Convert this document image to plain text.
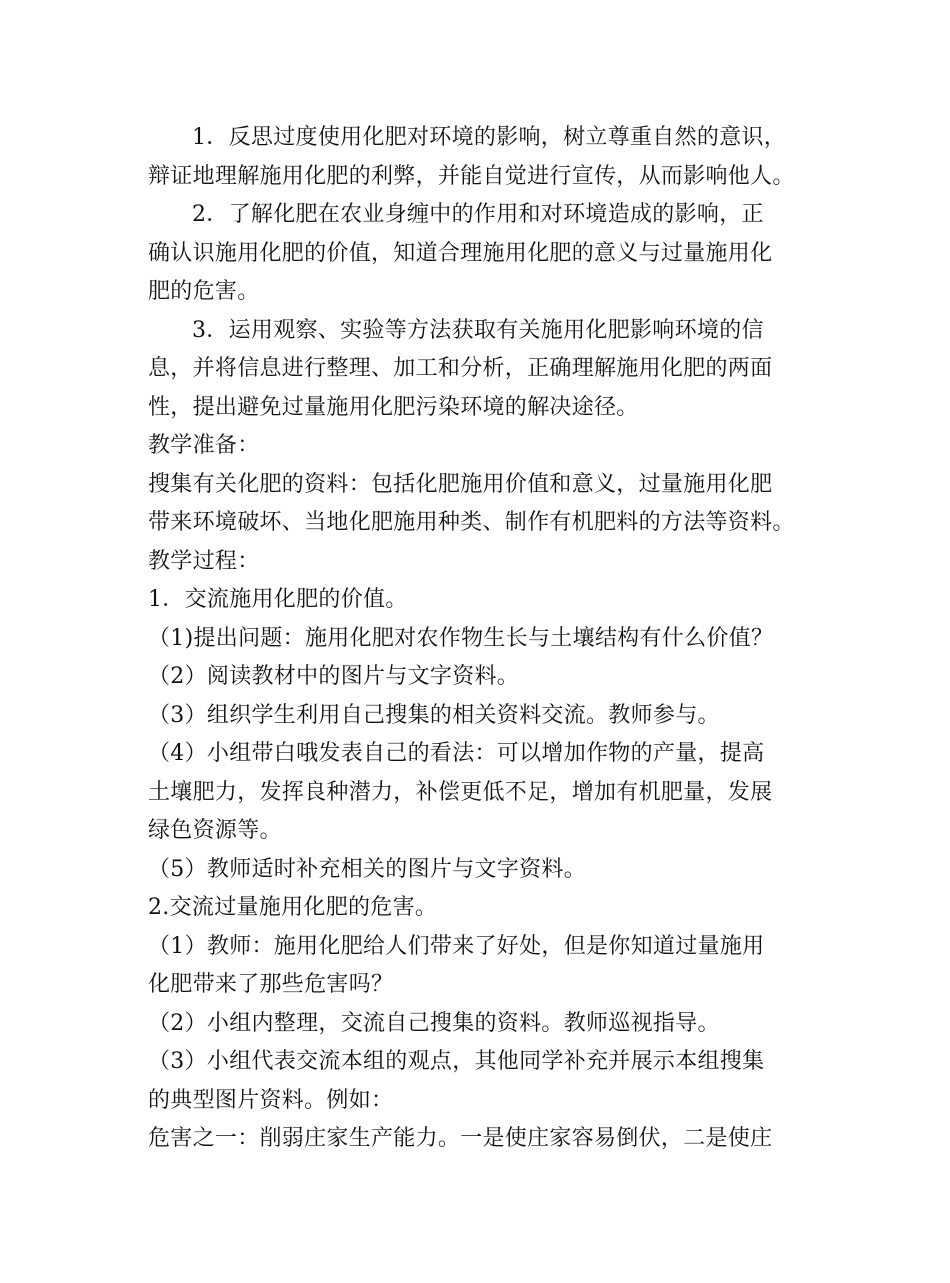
1．反思过度使用化肥对环境的影响，树立尊重自然的意识，

辩证地理解施用化肥的利弊，并能自觉进行宣传，从而影响他人。

2．了解化肥在农业身缠中的作用和对环境造成的影响，正

确认识施用化肥的价值，知道合理施用化肥的意义与过量施用化

肥的危害。

3．运用观察、实验等方法获取有关施用化肥影响环境的信

息，并将信息进行整理、加工和分析，正确理解施用化肥的两面

性，提出避免过量施用化肥污染环境的解决途径。

教学准备：

搜集有关化肥的资料：包括化肥施用价值和意义，过量施用化肥

带来环境破坏、当地化肥施用种类、制作有机肥料的方法等资料。

教学过程：

1．交流施用化肥的价值。

（1)提出问题：施用化肥对农作物生长与土壤结构有什么价值？

（2）阅读教材中的图片与文字资料。

（3）组织学生利用自己搜集的相关资料交流。教师参与。

（4）小组带白哦发表自己的看法：可以增加作物的产量，提高

土壤肥力，发挥良种潜力，补偿更低不足，增加有机肥量，发展

绿色资源等。

（5）教师适时补充相关的图片与文字资料。

2.交流过量施用化肥的危害。

（1）教师：施用化肥给人们带来了好处，但是你知道过量施用

化肥带来了那些危害吗？

（2）小组内整理，交流自己搜集的资料。教师巡视指导。

（3）小组代表交流本组的观点，其他同学补充并展示本组搜集

的典型图片资料。例如：

危害之一：削弱庄家生产能力。一是使庄家容易倒伏，二是使庄
